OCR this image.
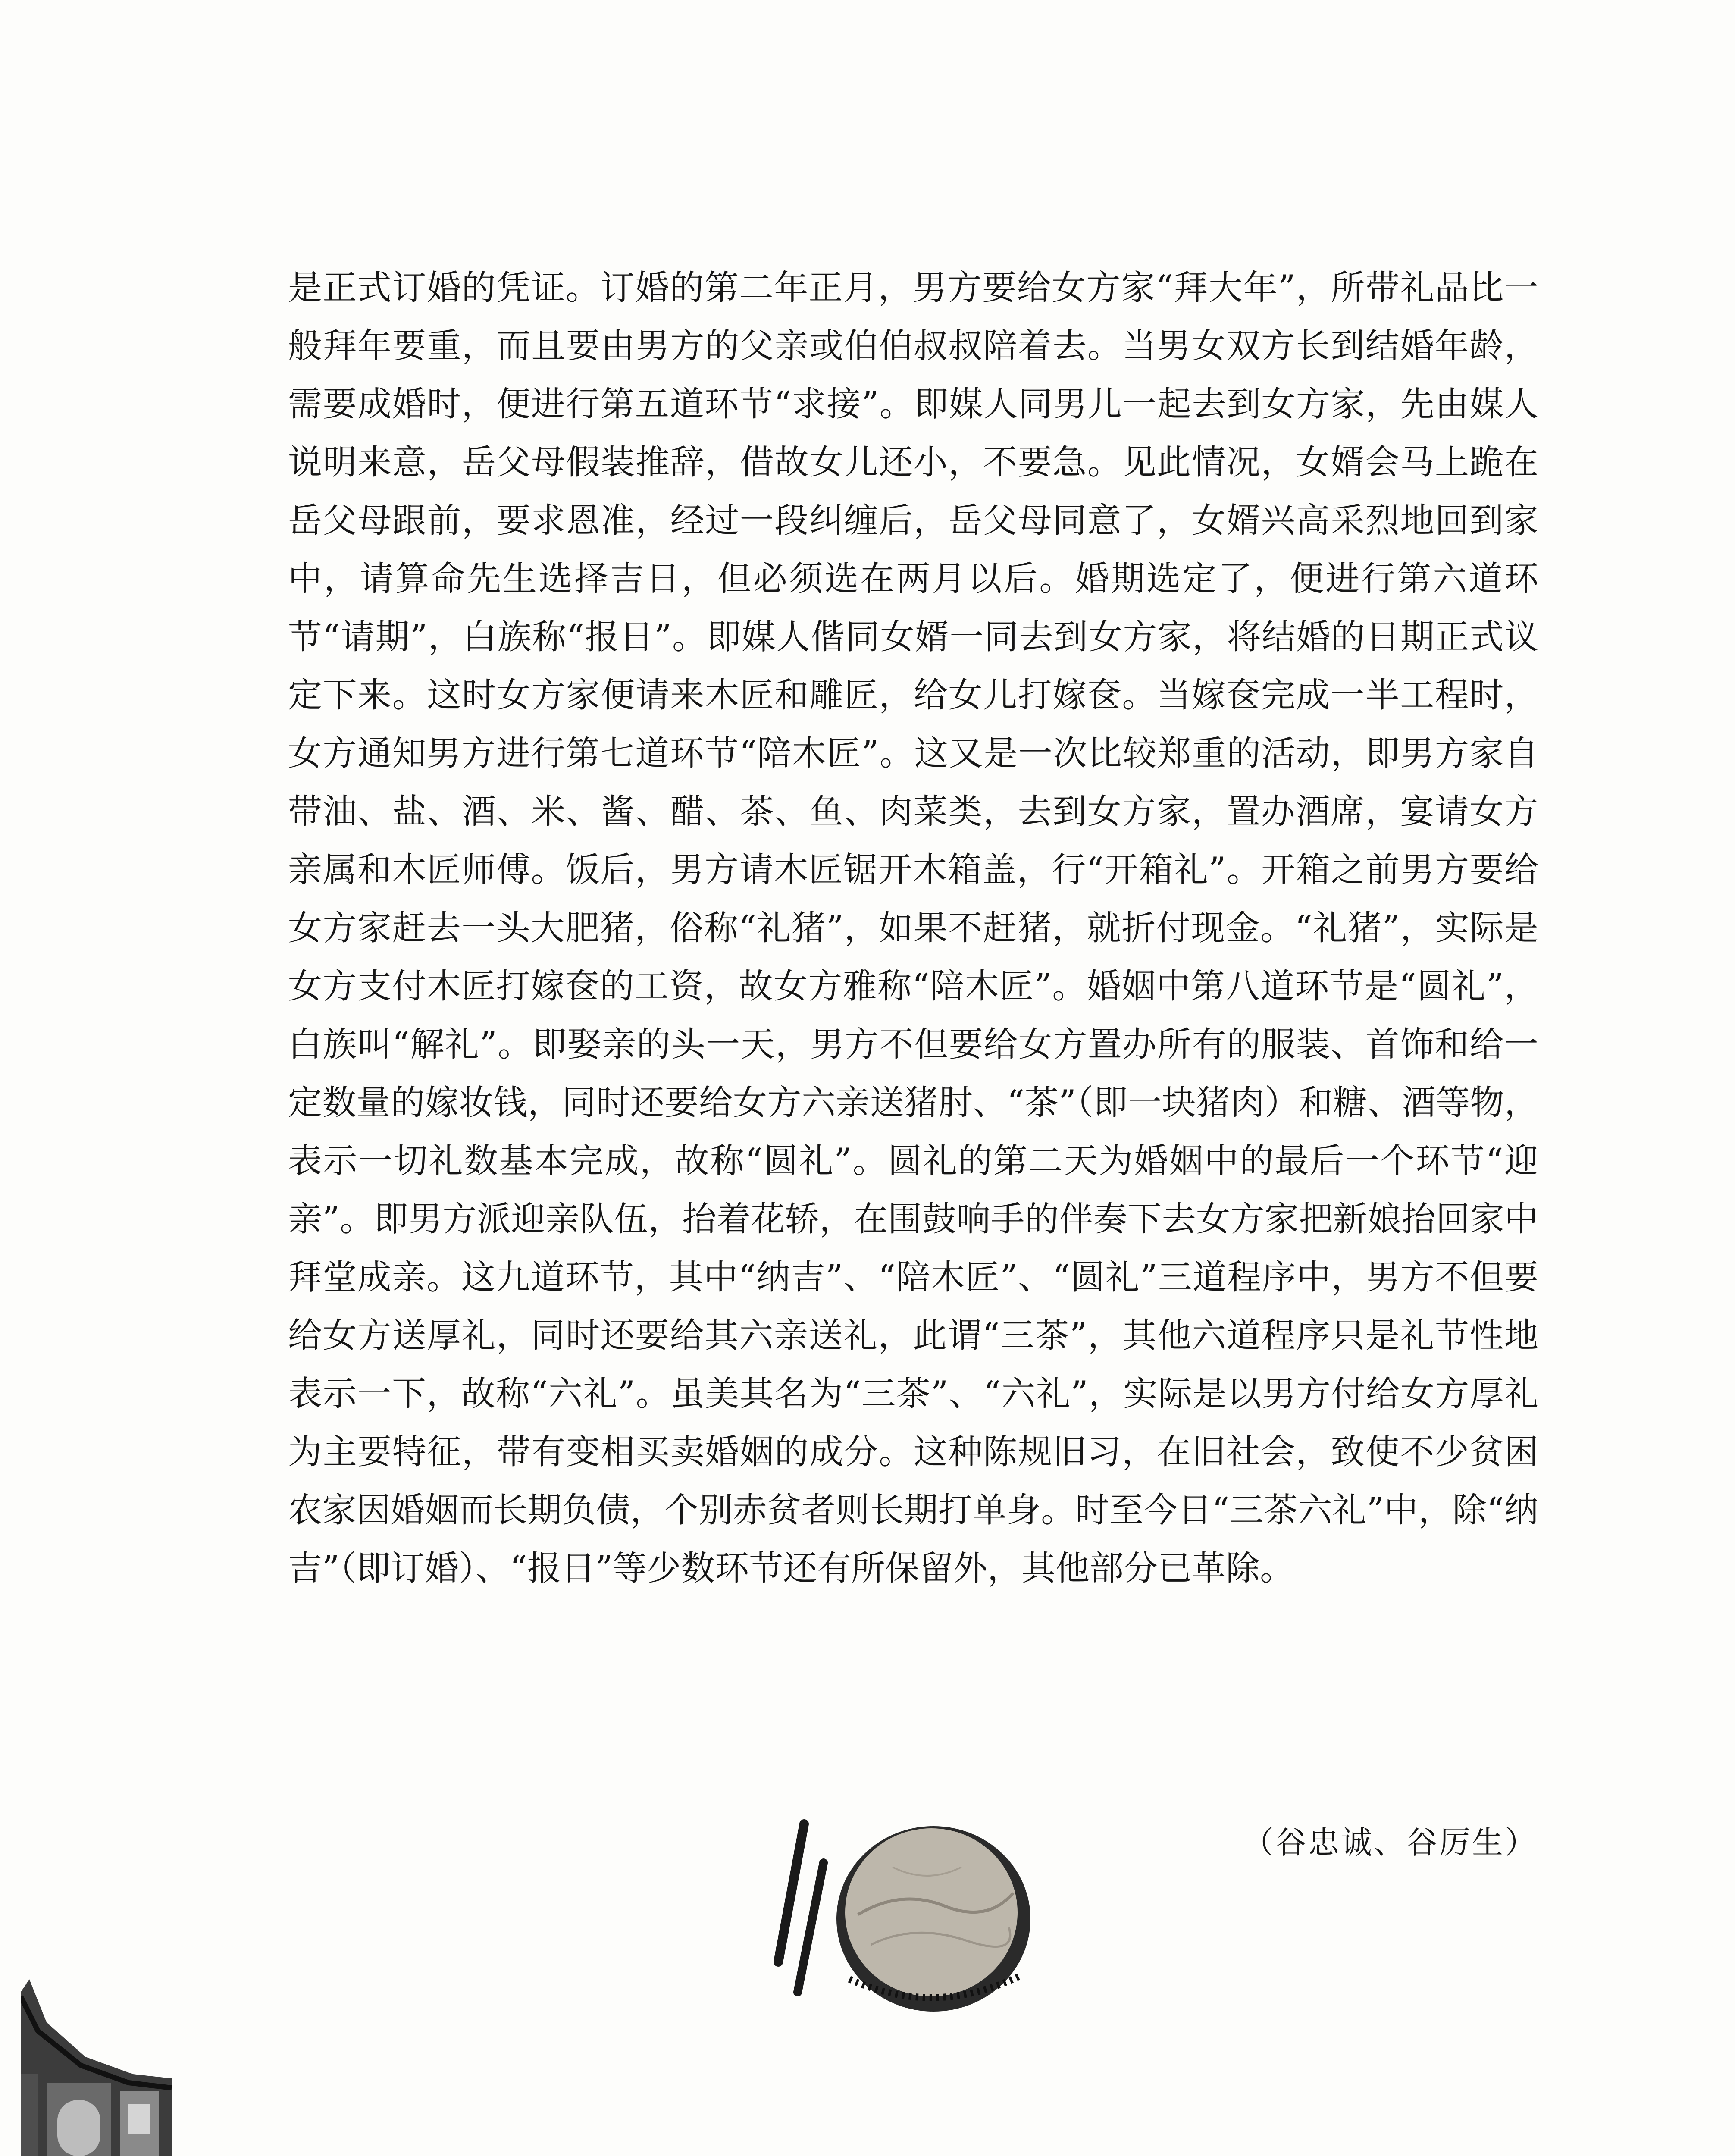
是正式订婚的凭证。订婚的第二年正月，男方要给女方家“拜大年”，所带礼品比一般拜年要重，而且要由男方的父亲或伯伯叔叔陪着去。当男女双方长到结婚年龄，需要成婚时，便进行第五道环节“求接”。即媒人同男儿一起去到女方家，先由媒人说明来意，岳父母假装推辞，借故女儿还小，不要急。见此情况，女婿会马上跪在岳父母跟前，要求恩准，经过一段纠缠后，岳父母同意了，女婿兴高采烈地回到家中，请算命先生选择吉日，但必须选在两月以后。婚期选定了，便进行第六道环节“请期”，白族称“报日”。即媒人偕同女婿一同去到女方家，将结婚的日期正式议定下来。这时女方家便请来木匠和雕匠，给女儿打嫁奁。当嫁奁完成一半工程时，女方通知男方进行第七道环节“陪木匠”。这又是一次比较郑重的活动，即男方家自带油、盐、酒、米、酱、醋、茶、鱼、肉菜类，去到女方家，置办酒席，宴请女方亲属和木匠师傅。饭后，男方请木匠锯开木箱盖，行“开箱礼”。开箱之前男方要给女方家赶去一头大肥猪，俗称“礼猪”，如果不赶猪，就折付现金。“礼猪”，实际是女方支付木匠打嫁奁的工资，故女方雅称“陪木匠”。婚姻中第八道环节是“圆礼”，白族叫“解礼”。即娶亲的头一天，男方不但要给女方置办所有的服装、首饰和给一定数量的嫁妆钱，同时还要给女方六亲送猪肘、“茶”（即一块猪肉）和糖、酒等物，表示一切礼数基本完成，故称“圆礼”。圆礼的第二天为婚姻中的最后一个环节“迎亲”。即男方派迎亲队伍，抬着花轿，在围鼓响手的伴奏下去女方家把新娘抬回家中拜堂成亲。这九道环节，其中“纳吉”、“陪木匠”、“圆礼”三道程序中，男方不但要给女方送厚礼，同时还要给其六亲送礼，此谓“三茶”，其他六道程序只是礼节性地表示一下，故称“六礼”。虽美其名为“三茶”、“六礼”，实际是以男方付给女方厚礼为主要特征，带有变相买卖婚姻的成分。这种陈规旧习，在旧社会，致使不少贫困农家因婚姻而长期负债，个别赤贫者则长期打单身。时至今日“三茶六礼”中，除“纳吉”（即订婚）、“报日”等少数环节还有所保留外，其他部分已革除。

（谷忠诚、谷厉生）
